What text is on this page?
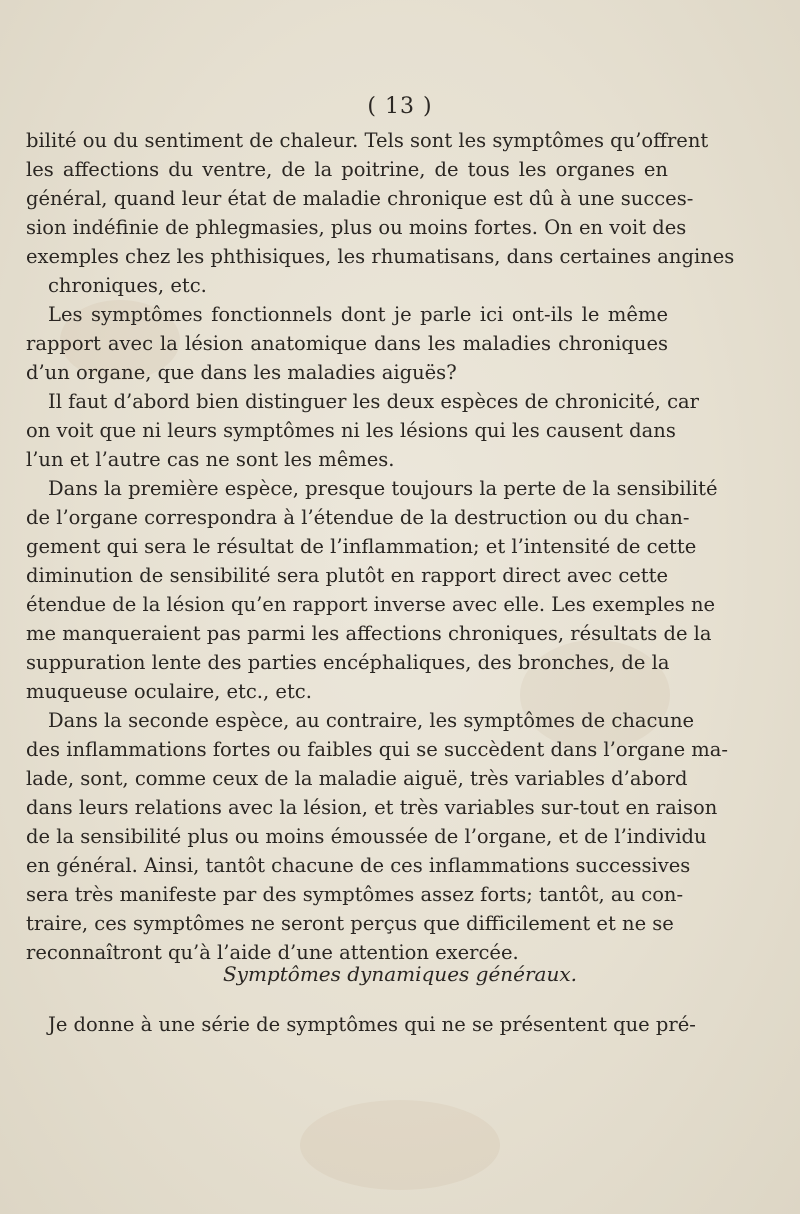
( 13 )

bilité ou du sentiment de chaleur. Tels sont les symptômes qu’offrent
les affections du ventre, de la poitrine, de tous les organes en
général, quand leur état de maladie chronique est dû à une succes-
sion indéfinie de phlegmasies, plus ou moins fortes. On en voit des
exemples chez les phthisiques, les rhumatisans, dans certaines angines
chroniques, etc.

Les symptômes fonctionnels dont je parle ici ont-ils le même
rapport avec la lésion anatomique dans les maladies chroniques
d’un organe, que dans les maladies aiguës?

Il faut d’abord bien distinguer les deux espèces de chronicité, car
on voit que ni leurs symptômes ni les lésions qui les causent dans
l’un et l’autre cas ne sont les mêmes.

Dans la première espèce, presque toujours la perte de la sensibilité
de l’organe correspondra à l’étendue de la destruction ou du chan-
gement qui sera le résultat de l’inflammation; et l’intensité de cette
diminution de sensibilité sera plutôt en rapport direct avec cette
étendue de la lésion qu’en rapport inverse avec elle. Les exemples ne
me manqueraient pas parmi les affections chroniques, résultats de la
suppuration lente des parties encéphaliques, des bronches, de la
muqueuse oculaire, etc., etc.

Dans la seconde espèce, au contraire, les symptômes de chacune
des inflammations fortes ou faibles qui se succèdent dans l’organe ma-
lade, sont, comme ceux de la maladie aiguë, très variables d’abord
dans leurs relations avec la lésion, et très variables sur-tout en raison
de la sensibilité plus ou moins émoussée de l’organe, et de l’individu
en général. Ainsi, tantôt chacune de ces inflammations successives
sera très manifeste par des symptômes assez forts; tantôt, au con-
traire, ces symptômes ne seront perçus que difficilement et ne se
reconnaîtront qu’à l’aide d’une attention exercée.

Symptômes dynamiques généraux.
Je donne à une série de symptômes qui ne se présentent que pré-
